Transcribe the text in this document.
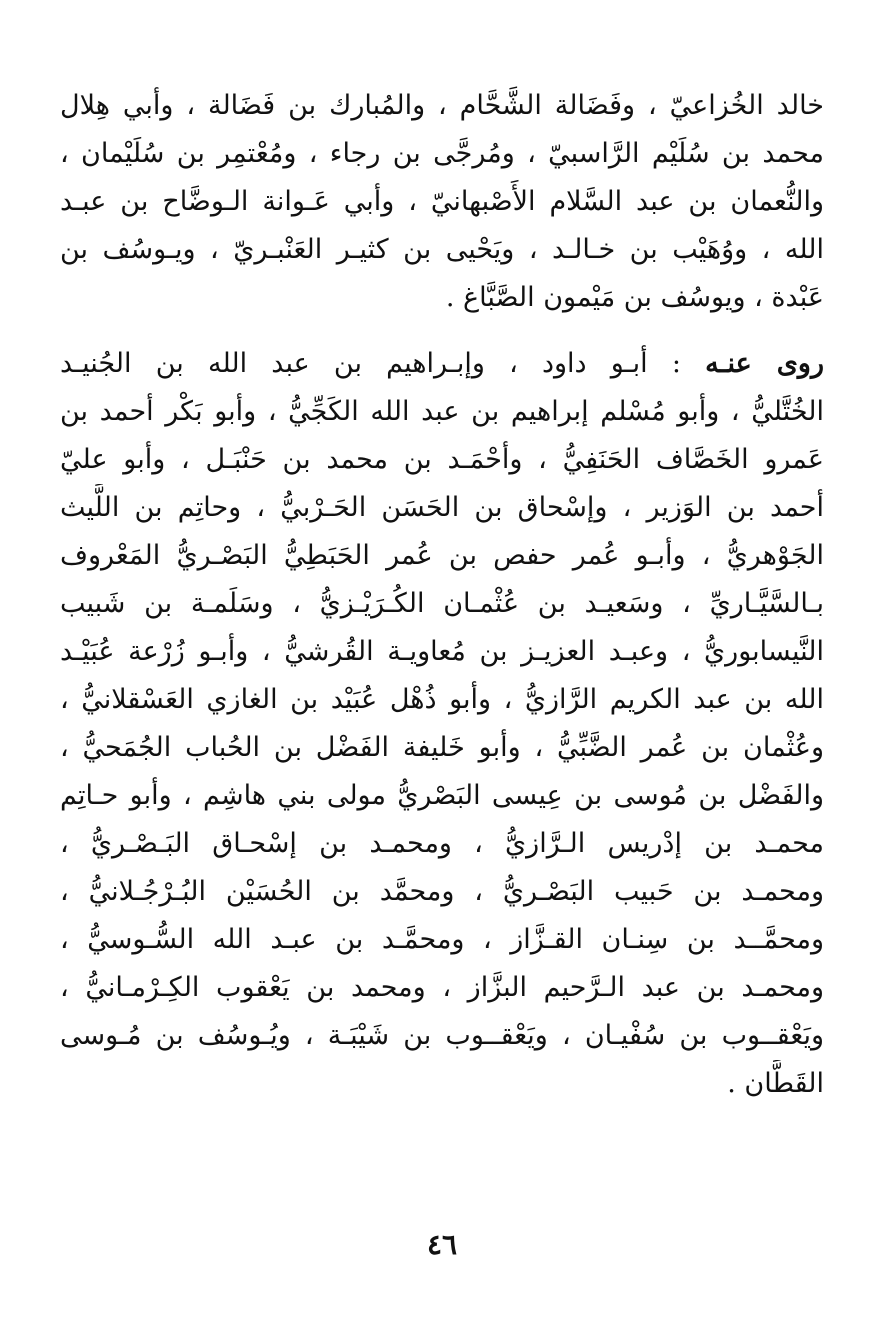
خالد الخُزاعيّ ، وفَضَالة الشَّحَّام ، والمُبارك بن فَضَالة ، وأبي هِلال
محمد بن سُلَيْم الرَّاسبيّ ، ومُرجَّى بن رجاء ، ومُعْتمِر بن سُلَيْمان ،
والنُّعمان بن عبد السَّلام الأَصْبهانيّ ، وأبي عَـوانة الـوضَّاح بن عبـد
الله ، ووُهَيْب بن خـالـد ، ويَحْيى بن كثيـر العَنْبـريّ ، ويـوسُف بن
عَبْدة ، ويوسُف بن مَيْمون الصَّبَّاغ .
روى عنـه : أبـو داود ، وإبـراهيم بن عبد الله بن الجُنيـد
الخُتَّليُّ ، وأبو مُسْلم إبراهيم بن عبد الله الكَجِّيُّ ، وأبو بَكْر أحمد بن
عَمرو الخَصَّاف الحَنَفِيُّ ، وأحْمَـد بن محمد بن حَنْبَـل ، وأبو عليّ
أحمد بن الوَزير ، وإسْحاق بن الحَسَن الحَـرْبيُّ ، وحاتِم بن اللَّيث
الجَوْهريُّ ، وأبـو عُمر حفص بن عُمر الحَبَطِيُّ البَصْـريُّ المَعْروف
بـالسَّيَّـاريِّ ، وسَعيـد بن عُثْمـان الكُـرَيْـزيُّ ، وسَلَمـة بن شَبيب
النَّيسابوريُّ ، وعبـد العزيـز بن مُعاويـة القُرشيُّ ، وأبـو زُرْعة عُبَيْـد
الله بن عبد الكريم الرَّازيُّ ، وأبو ذُهْل عُبَيْد بن الغازي العَسْقلانيُّ ،
وعُثْمان بن عُمر الضَّبِّيُّ ، وأبو خَليفة الفَضْل بن الحُباب الجُمَحيُّ ،
والفَضْل بن مُوسى بن عِيسى البَصْريُّ مولى بني هاشِم ، وأبو حـاتِم
محمـد بن إدْريس الـرَّازيُّ ، ومحمـد بن إسْحـاق البَـصْـريُّ ،
ومحمـد بن حَبيب البَصْـريُّ ، ومحمَّد بن الحُسَيْن البُـرْجُـلانيُّ ،
ومحمَّــد بن سِنـان القـزَّاز ، ومحمَّـد بن عبـد الله السُّـوسيُّ ،
ومحمـد بن عبد الـرَّحيم البزَّاز ، ومحمد بن يَعْقوب الكِـرْمـانيُّ ،
ويَعْقــوب بن سُفْيـان ، ويَعْقــوب بن شَيْبَـة ، ويُـوسُف بن مُـوسى
القَطَّان .
٤٦
